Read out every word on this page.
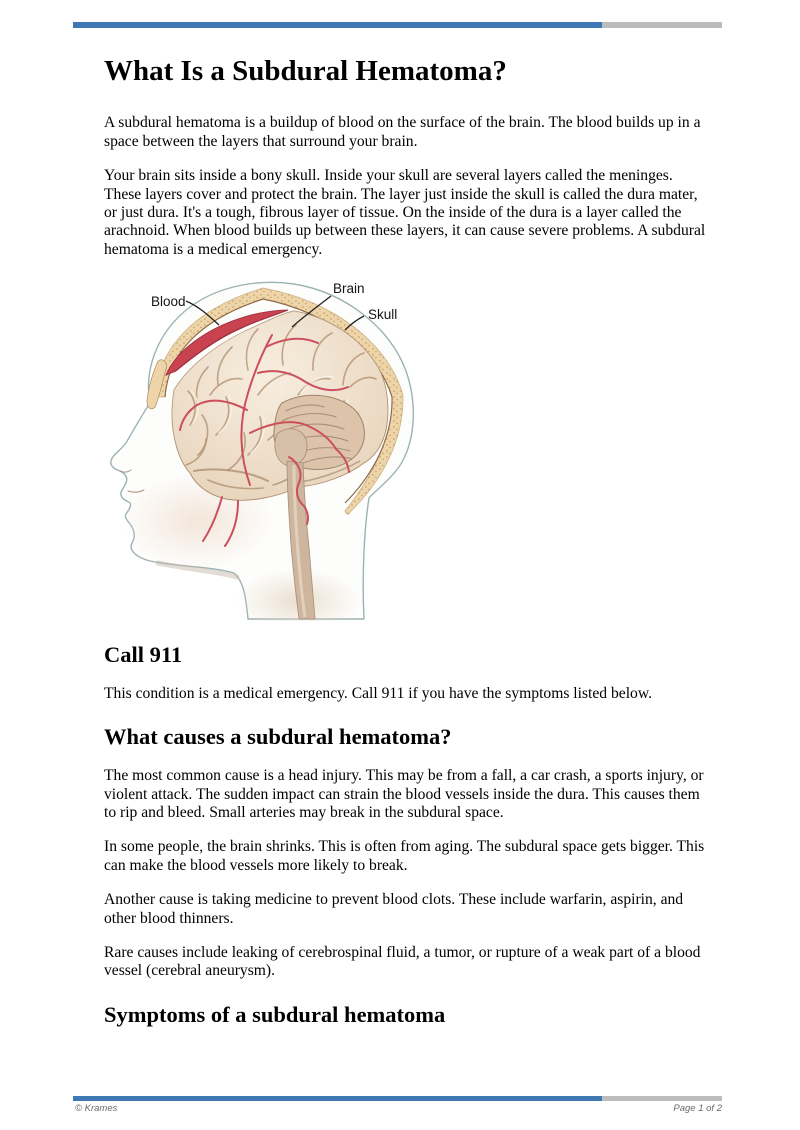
What Is a Subdural Hematoma?

A subdural hematoma is a buildup of blood on the surface of the brain. The blood builds up in a space between the layers that surround your brain.

Your brain sits inside a bony skull. Inside your skull are several layers called the meninges. These layers cover and protect the brain. The layer just inside the skull is called the dura mater, or just dura. It's a tough, fibrous layer of tissue. On the inside of the dura is a layer called the arachnoid. When blood builds up between these layers, it can cause severe problems. A subdural hematoma is a medical emergency.

Blood
Brain
Skull
Call 911

This condition is a medical emergency. Call 911 if you have the symptoms listed below.

What causes a subdural hematoma?

The most common cause is a head injury. This may be from a fall, a car crash, a sports injury, or violent attack. The sudden impact can strain the blood vessels inside the dura. This causes them to rip and bleed. Small arteries may break in the subdural space.

In some people, the brain shrinks. This is often from aging. The subdural space gets bigger. This can make the blood vessels more likely to break.

Another cause is taking medicine to prevent blood clots. These include warfarin, aspirin, and other blood thinners.

Rare causes include leaking of cerebrospinal fluid, a tumor, or rupture of a weak part of a blood vessel (cerebral aneurysm).

Symptoms of a subdural hematoma
© Krames	Page 1 of 2
